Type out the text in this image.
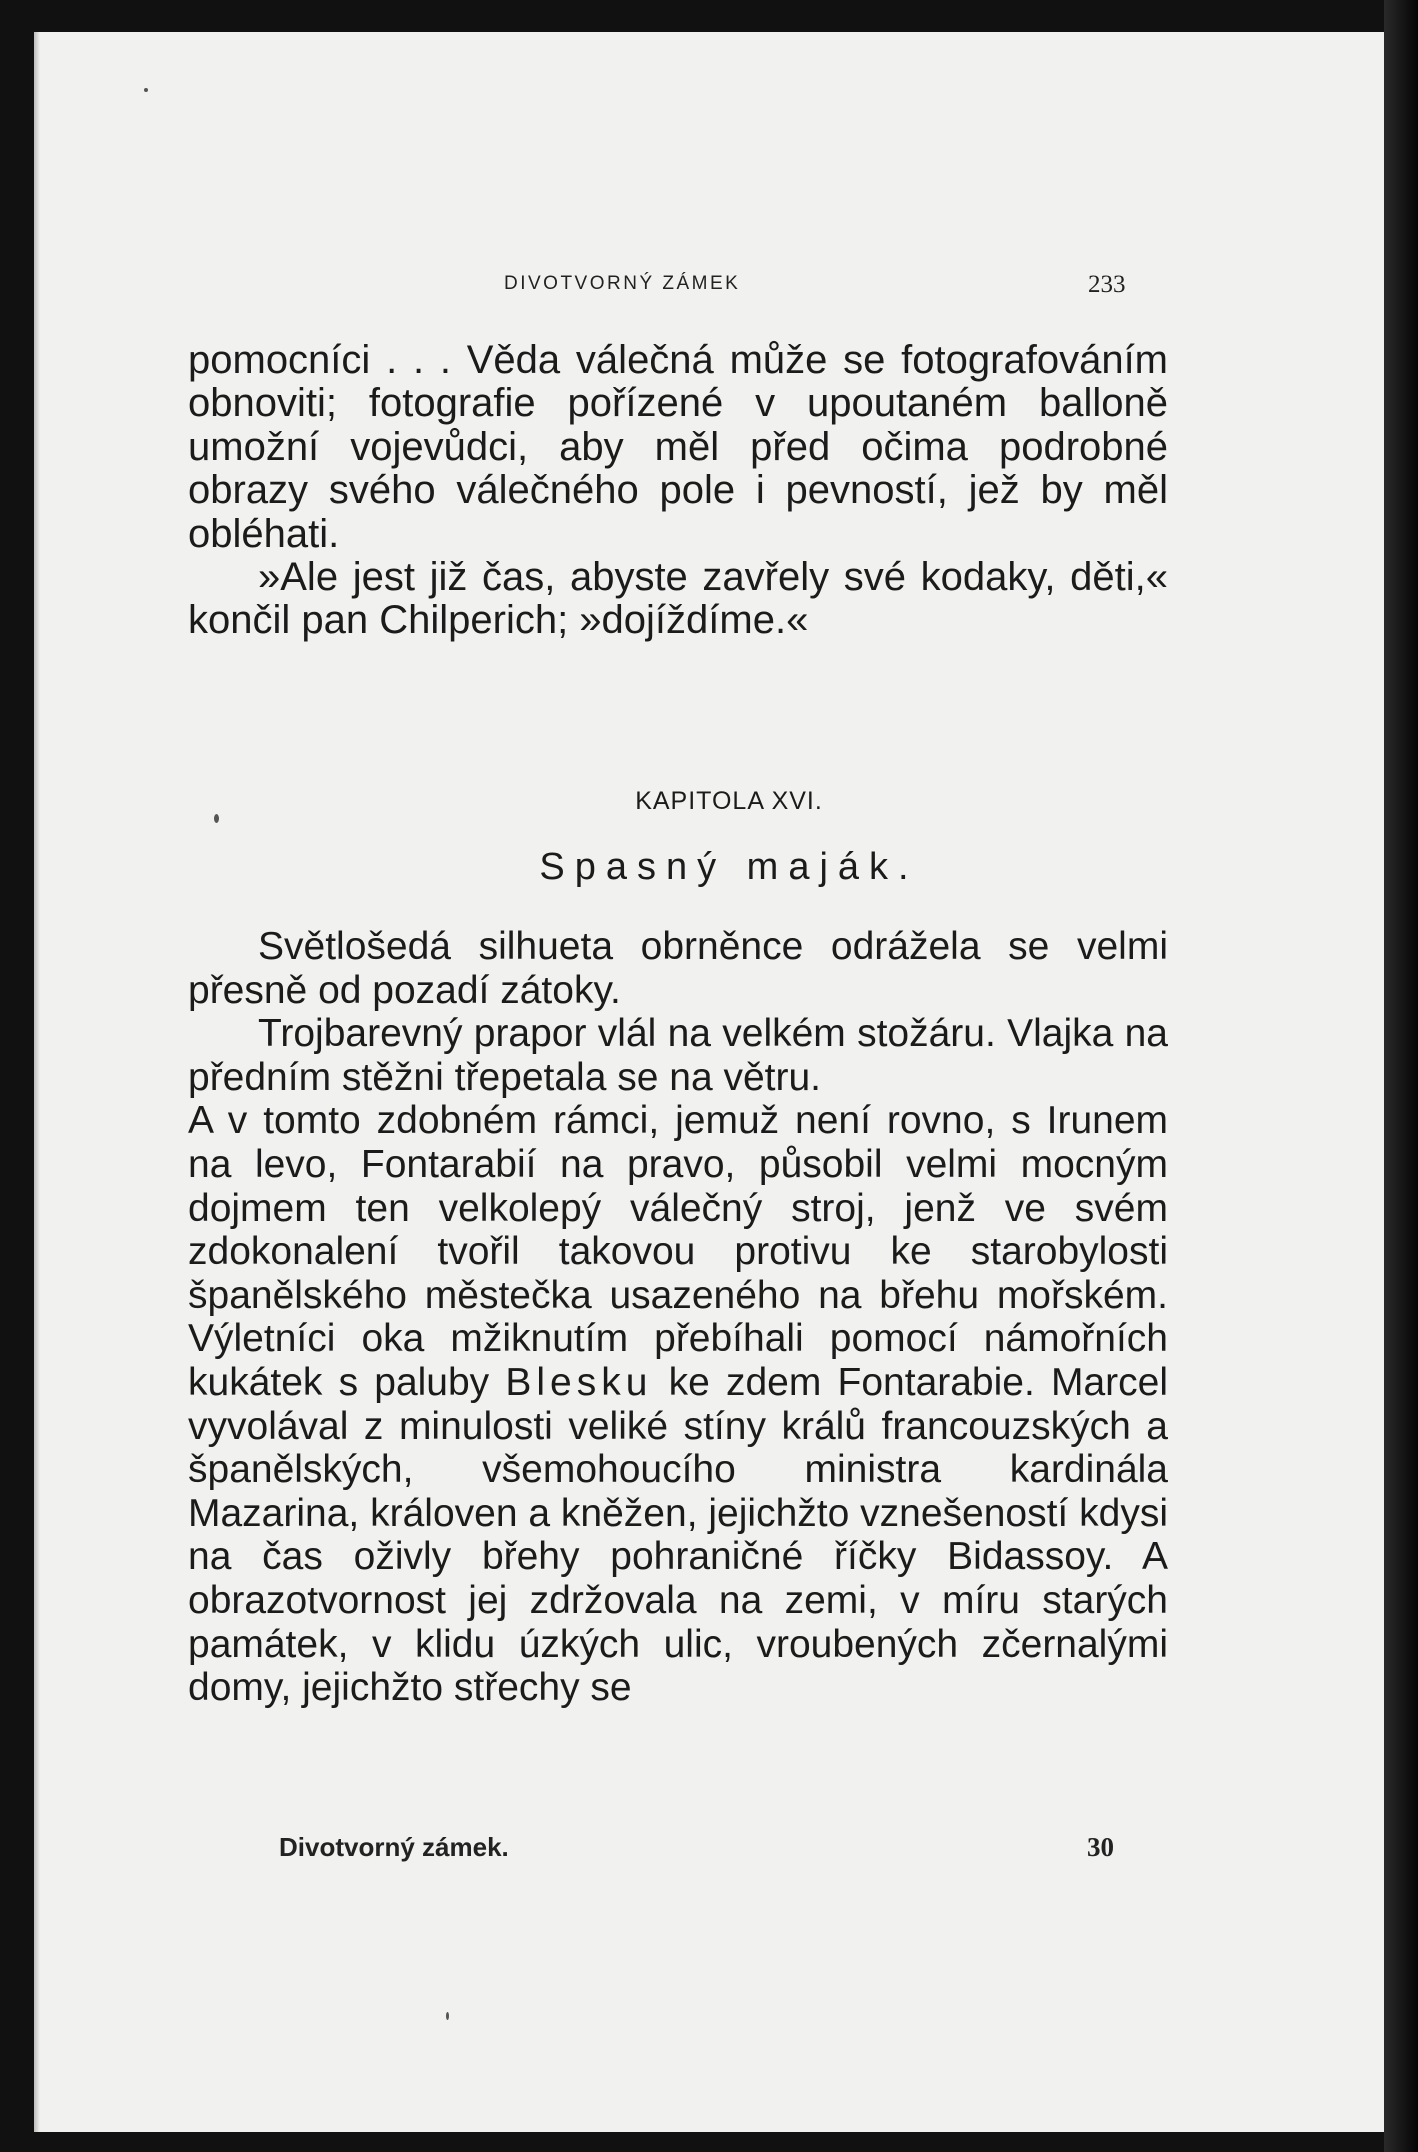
DIVOTVORNÝ ZÁMEK	233

pomocníci . . . Věda válečná může se fotografováním obnoviti; fotografie pořízené v upoutaném balloně umožní vojevůdci, aby měl před očima podrobné obrazy svého válečného pole i pevností, jež by měl obléhati.

»Ale jest již čas, abyste zavřely své kodaky, děti,« končil pan Chilperich; »dojíždíme.«

KAPITOLA XVI.
Spasný maják.

Světlošedá silhueta obrněnce odrážela se velmi přesně od pozadí zátoky.

Trojbarevný prapor vlál na velkém stožáru. Vlajka na předním stěžni třepetala se na větru.

A v tomto zdobném rámci, jemuž není rovno, s Irunem na levo, Fontarabií na pravo, působil velmi mocným dojmem ten velkolepý válečný stroj, jenž ve svém zdokonalení tvořil takovou protivu ke starobylosti španělského městečka usazeného na břehu mořském. Výletníci oka mžiknutím přebíhali pomocí námořních kukátek s paluby Blesku ke zdem Fontarabie. Marcel vyvolával z minulosti veliké stíny králů francouzských a španělských, všemohoucího ministra kardinála Mazarina, královen a kněžen, jejichžto vznešeností kdysi na čas oživly břehy pohraničné říčky Bidassoy. A obrazotvornost jej zdržovala na zemi, v míru starých památek, v klidu úzkých ulic, vroubených zčernalými domy, jejichžto střechy se

Divotvorný zámek.	30
